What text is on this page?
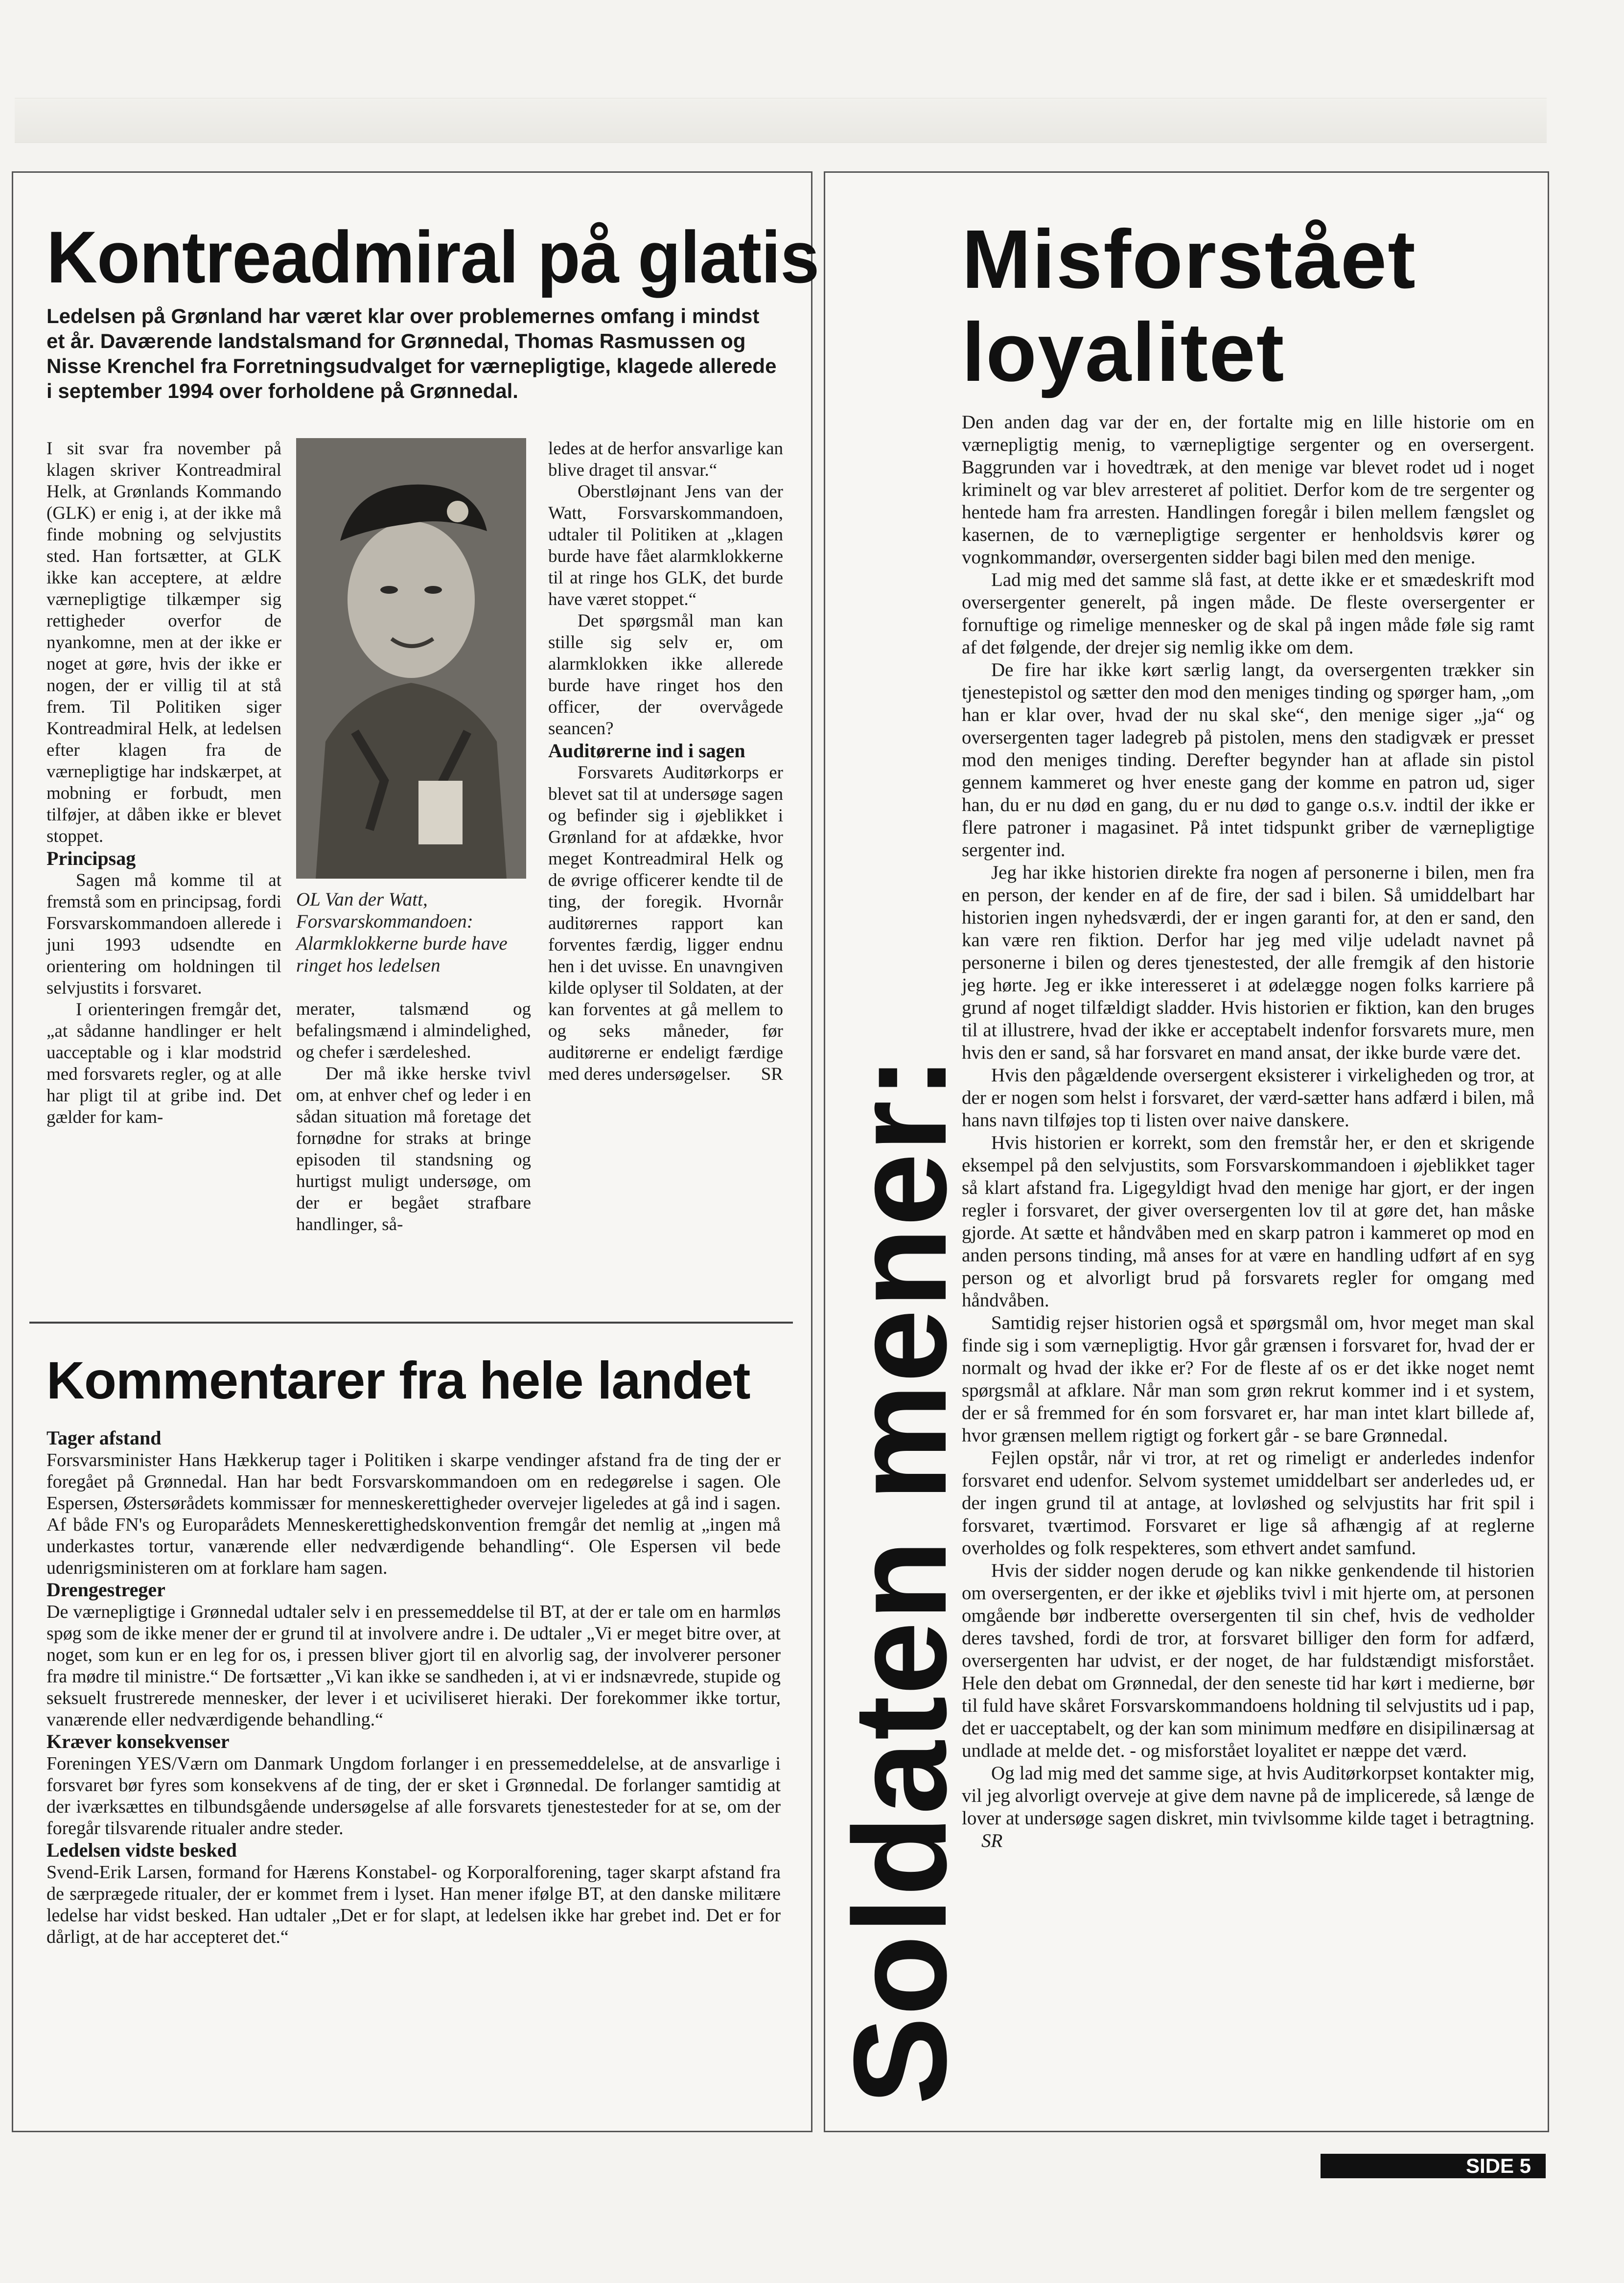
Kontreadmiral på glatis

Ledelsen på Grønland har været klar over problemernes omfang i mindst et år. Daværende landstalsmand for Grønnedal, Thomas Rasmussen og Nisse Krenchel fra Forretningsudvalget for værnepligtige, klagede allerede i september 1994 over forholdene på Grønnedal.

I sit svar fra november på klagen skriver Kontreadmiral Helk, at Grønlands Kommando (GLK) er enig i, at der ikke må finde mobning og selvjustits sted. Han fortsætter, at GLK ikke kan acceptere, at ældre værnepligtige tilkæmper sig rettigheder overfor de nyankomne, men at der ikke er noget at gøre, hvis der ikke er nogen, der er villig til at stå frem. Til Politiken siger Kontreadmiral Helk, at ledelsen efter klagen fra de værnepligtige har indskærpet, at mobning er forbudt, men tilføjer, at dåben ikke er blevet stoppet.

Principsag

Sagen må komme til at fremstå som en principsag, fordi Forsvarskommandoen allerede i juni 1993 udsendte en orientering om holdningen til selvjustits i forsvaret.

I orienteringen fremgår det, „at sådanne handlinger er helt uacceptable og i klar modstrid med forsvarets regler, og at alle har pligt til at gribe ind. Det gælder for kam-

OL Van der Watt, Forsvarskommandoen: Alarmklokkerne burde have ringet hos ledelsen

merater, talsmænd og befalingsmænd i almindelighed, og chefer i særdeleshed.

Der må ikke herske tvivl om, at enhver chef og leder i en sådan situation må foretage det fornødne for straks at bringe episoden til standsning og hurtigst muligt undersøge, om der er begået strafbare handlinger, så-

ledes at de herfor ansvarlige kan blive draget til ansvar.“

Oberstløjnant Jens van der Watt, Forsvarskommandoen, udtaler til Politiken at „klagen burde have fået alarmklokkerne til at ringe hos GLK, det burde have været stoppet.“

Det spørgsmål man kan stille sig selv er, om alarmklokken ikke allerede burde have ringet hos den officer, der overvågede seancen?

Auditørerne ind i sagen

Forsvarets Auditørkorps er blevet sat til at undersøge sagen og befinder sig i øjeblikket i Grønland for at afdække, hvor meget Kontreadmiral Helk og de øvrige officerer kendte til de ting, der foregik. Hvornår auditørernes rapport kan forventes færdig, ligger endnu hen i det uvisse. En unavngiven kilde oplyser til Soldaten, at der kan forventes at gå mellem to og seks måneder, før auditørerne er endeligt færdige med deres undersøgelser.	SR

Kommentarer fra hele landet

Tager afstand

Forsvarsminister Hans Hækkerup tager i Politiken i skarpe vendinger afstand fra de ting der er foregået på Grønnedal. Han har bedt Forsvarskommandoen om en redegørelse i sagen. Ole Espersen, Østersørådets kommissær for menneskerettigheder overvejer ligeledes at gå ind i sagen. Af både FN's og Europarådets Menneskerettighedskonvention fremgår det nemlig at „ingen må underkastes tortur, vanærende eller nedværdigende behandling“. Ole Espersen vil bede udenrigsministeren om at forklare ham sagen.

Drengestreger

De værnepligtige i Grønnedal udtaler selv i en pressemeddelse til BT, at der er tale om en harmløs spøg som de ikke mener der er grund til at involvere andre i. De udtaler „Vi er meget bitre over, at noget, som kun er en leg for os, i pressen bliver gjort til en alvorlig sag, der involverer personer fra mødre til ministre.“ De fortsætter „Vi kan ikke se sandheden i, at vi er indsnævrede, stupide og seksuelt frustrerede mennesker, der lever i et uciviliseret hieraki. Der forekommer ikke tortur, vanærende eller nedværdigende behandling.“

Kræver konsekvenser

Foreningen YES/Værn om Danmark Ungdom forlanger i en pressemeddelelse, at de ansvarlige i forsvaret bør fyres som konsekvens af de ting, der er sket i Grønnedal. De forlanger samtidig at der iværksættes en tilbundsgående undersøgelse af alle forsvarets tjenestesteder for at se, om der foregår tilsvarende ritualer andre steder.

Ledelsen vidste besked

Svend-Erik Larsen, formand for Hærens Konstabel- og Korporalforening, tager skarpt afstand fra de særprægede ritualer, der er kommet frem i lyset. Han mener ifølge BT, at den danske militære ledelse har vidst besked. Han udtaler „Det er for slapt, at ledelsen ikke har grebet ind. Det er for dårligt, at de har accepteret det.“

Misforstået
loyalitet
Soldaten mener:

Den anden dag var der en, der fortalte mig en lille historie om en værnepligtig menig, to værnepligtige sergenter og en oversergent. Baggrunden var i hovedtræk, at den menige var blevet rodet ud i noget kriminelt og var blev arresteret af politiet. Derfor kom de tre sergenter og hentede ham fra arresten. Handlingen foregår i bilen mellem fængslet og kasernen, de to værnepligtige sergenter er henholdsvis kører og vognkommandør, oversergenten sidder bagi bilen med den menige.

Lad mig med det samme slå fast, at dette ikke er et smædeskrift mod oversergenter generelt, på ingen måde. De fleste oversergenter er fornuftige og rimelige mennesker og de skal på ingen måde føle sig ramt af det følgende, der drejer sig nemlig ikke om dem.

De fire har ikke kørt særlig langt, da oversergenten trækker sin tjenestepistol og sætter den mod den meniges tinding og spørger ham, „om han er klar over, hvad der nu skal ske“, den menige siger „ja“ og oversergenten tager ladegreb på pistolen, mens den stadigvæk er presset mod den meniges tinding. Derefter begynder han at aflade sin pistol gennem kammeret og hver eneste gang der komme en patron ud, siger han, du er nu død en gang, du er nu død to gange o.s.v. indtil der ikke er flere patroner i magasinet. På intet tidspunkt griber de værnepligtige sergenter ind.

Jeg har ikke historien direkte fra nogen af personerne i bilen, men fra en person, der kender en af de fire, der sad i bilen. Så umiddelbart har historien ingen nyhedsværdi, der er ingen garanti for, at den er sand, den kan være ren fiktion. Derfor har jeg med vilje udeladt navnet på personerne i bilen og deres tjenestested, der alle fremgik af den historie jeg hørte. Jeg er ikke interesseret i at ødelægge nogen folks karriere på grund af noget tilfældigt sladder. Hvis historien er fiktion, kan den bruges til at illustrere, hvad der ikke er acceptabelt indenfor forsvarets mure, men hvis den er sand, så har forsvaret en mand ansat, der ikke burde være det.

Hvis den pågældende oversergent eksisterer i virkeligheden og tror, at der er nogen som helst i forsvaret, der værd-sætter hans adfærd i bilen, må hans navn tilføjes top ti listen over naive danskere.

Hvis historien er korrekt, som den fremstår her, er den et skrigende eksempel på den selvjustits, som Forsvarskommandoen i øjeblikket tager så klart afstand fra. Ligegyldigt hvad den menige har gjort, er der ingen regler i forsvaret, der giver oversergenten lov til at gøre det, han måske gjorde. At sætte et håndvåben med en skarp patron i kammeret op mod en anden persons tinding, må anses for at være en handling udført af en syg person og et alvorligt brud på forsvarets regler for omgang med håndvåben.

Samtidig rejser historien også et spørgsmål om, hvor meget man skal finde sig i som værnepligtig. Hvor går grænsen i forsvaret for, hvad der er normalt og hvad der ikke er? For de fleste af os er det ikke noget nemt spørgsmål at afklare. Når man som grøn rekrut kommer ind i et system, der er så fremmed for én som forsvaret er, har man intet klart billede af, hvor grænsen mellem rigtigt og forkert går - se bare Grønnedal.

Fejlen opstår, når vi tror, at ret og rimeligt er anderledes indenfor forsvaret end udenfor. Selvom systemet umiddelbart ser anderledes ud, er der ingen grund til at antage, at lovløshed og selvjustits har frit spil i forsvaret, tværtimod. Forsvaret er lige så afhængig af at reglerne overholdes og folk respekteres, som ethvert andet samfund.

Hvis der sidder nogen derude og kan nikke genkendende til historien om oversergenten, er der ikke et øjebliks tvivl i mit hjerte om, at personen omgående bør indberette oversergenten til sin chef, hvis de vedholder deres tavshed, fordi de tror, at forsvaret billiger den form for adfærd, oversergenten har udvist, er der noget, de har fuldstændigt misforstået. Hele den debat om Grønnedal, der den seneste tid har kørt i medierne, bør til fuld have skåret Forsvarskommandoens holdning til selvjustits ud i pap, det er uacceptabelt, og der kan som minimum medføre en disipilinærsag at undlade at melde det. - og misforstået loyalitet er næppe det værd.

Og lad mig med det samme sige, at hvis Auditørkorpset kontakter mig, vil jeg alvorligt overveje at give dem navne på de implicerede, så længe de lover at undersøge sagen diskret, min tvivlsomme kilde taget i betragtning. SR

SIDE 5
